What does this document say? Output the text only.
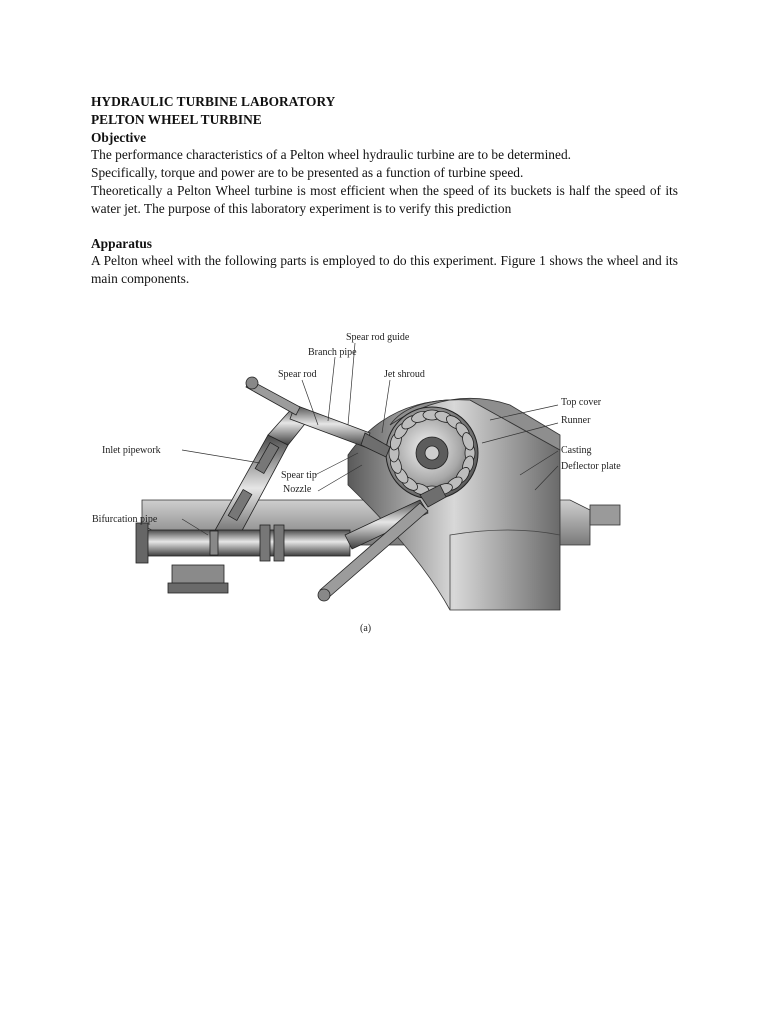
HYDRAULIC TURBINE LABORATORY

PELTON WHEEL TURBINE

Objective

The performance characteristics of a Pelton wheel hydraulic turbine are to be determined.

Specifically, torque and power are to be presented as a function of turbine speed.

Theoretically a Pelton Wheel turbine is most efficient when the speed of its buckets is half the speed of its water jet. The purpose of this laboratory experiment is to verify this prediction

Apparatus

A Pelton wheel with the following parts is employed to do this experiment. Figure 1 shows the wheel and its main components.

Spear rod guide
Branch pipe
Spear rod	Jet shroud
Top cover
Runner
Inlet pipework	Casting
Spear tip
Deflector plate
Nozzle
Bifurcation pipe
(a)
